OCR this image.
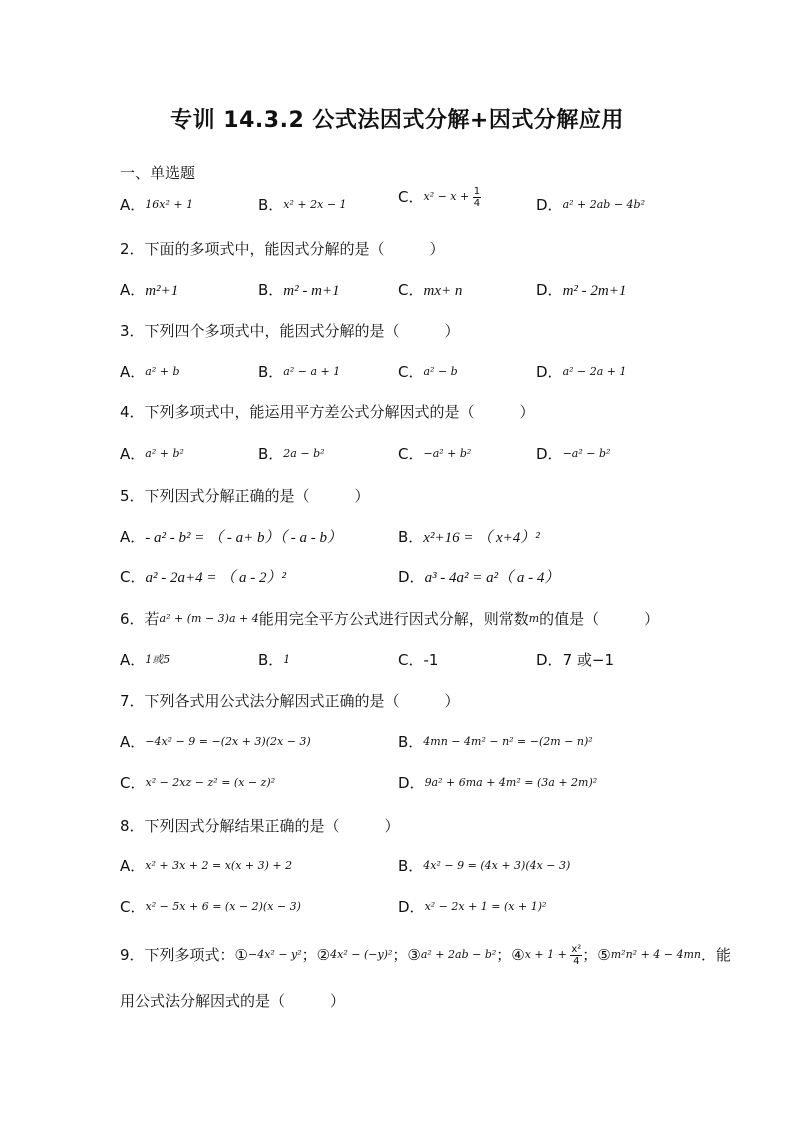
专训 14.3.2 公式法因式分解+因式分解应用
一、单选题
A．16x² + 1	B．x² + 2x − 1	C．$x^2 - x + \frac{1}{4}$	D．a² + 2ab − 4b²
2．下面的多项式中，能因式分解的是（　　　）
A．m²+1	B．m² - m+1	C．mx+ n	D．m² - 2m+1
3．下列四个多项式中，能因式分解的是（　　　）
A．a² + b	B．a² − a + 1	C．a² − b	D．a² − 2a + 1
4．下列多项式中，能运用平方差公式分解因式的是（　　　）
A．a² + b²	B．2a − b²	C．−a² + b²	D．−a² − b²
5．下列因式分解正确的是（　　　）
A．- a² - b² = （ - a+ b）（ - a - b）	B．x²+16 = （ x+4）²
C．a² - 2a+4 = （ a - 2）²	D．a³ - 4a² = a²（ a - 4）
6．若a² + (m − 3)a + 4能用完全平方公式进行因式分解，则常数m的值是（　　　）
A．1或5	B．1	C．-1	D．7 或−1
7．下列各式用公式法分解因式正确的是（　　　）
A．−4x² − 9 = −(2x + 3)(2x − 3)	B．4mn − 4m² − n² = −(2m − n)²
C．x² − 2xz − z² = (x − z)²	D．9a² + 6ma + 4m² = (3a + 2m)²
8．下列因式分解结果正确的是（　　　）
A．x² + 3x + 2 = x(x + 3) + 2	B．4x² − 9 = (4x + 3)(4x − 3)
C．x² − 5x + 6 = (x − 2)(x − 3)	D．x² − 2x + 1 = (x + 1)²
9．下列多项式：①−4x² − y²；②4x² − (−y)²；③a² + 2ab − b²；④x + $1 + \frac{\text{x²}}{4}$ ；⑤m²n² + 4 − 4mn．能
用公式法分解因式的是（　　　）
